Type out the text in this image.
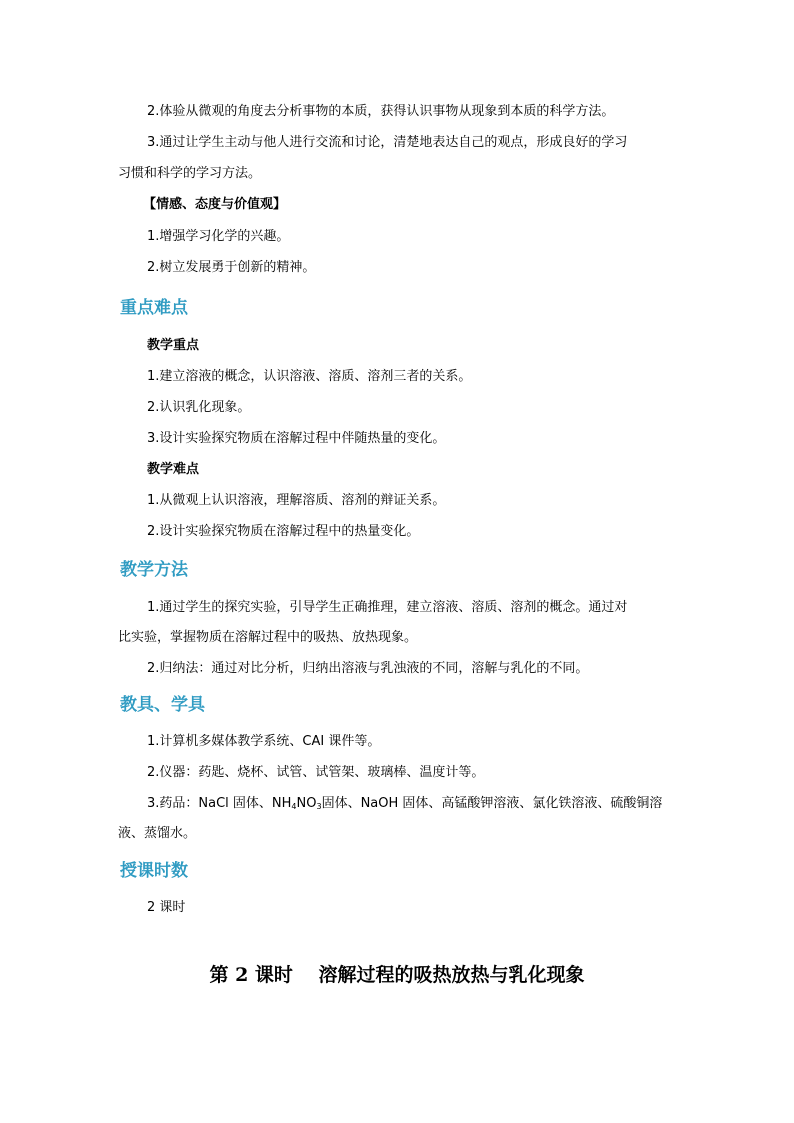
2.体验从微观的角度去分析事物的本质，获得认识事物从现象到本质的科学方法。
3.通过让学生主动与他人进行交流和讨论，清楚地表达自己的观点，形成良好的学习
习惯和科学的学习方法。
【情感、态度与价值观】
1.增强学习化学的兴趣。
2.树立发展勇于创新的精神。
重点难点
教学重点
1.建立溶液的概念，认识溶液、溶质、溶剂三者的关系。
2.认识乳化现象。
3.设计实验探究物质在溶解过程中伴随热量的变化。
教学难点
1.从微观上认识溶液，理解溶质、溶剂的辩证关系。
2.设计实验探究物质在溶解过程中的热量变化。
教学方法
1.通过学生的探究实验，引导学生正确推理，建立溶液、溶质、溶剂的概念。通过对
比实验，掌握物质在溶解过程中的吸热、放热现象。
2.归纳法：通过对比分析，归纳出溶液与乳浊液的不同，溶解与乳化的不同。
教具、学具
1.计算机多媒体教学系统、CAI 课件等。
2.仪器：药匙、烧杯、试管、试管架、玻璃棒、温度计等。
3.药品：NaCl 固体、$NH_4NO_3$固体、NaOH 固体、高锰酸钾溶液、氯化铁溶液、硫酸铜溶
液、蒸馏水。
授课时数
2 课时
第 2 课时　 溶解过程的吸热放热与乳化现象
